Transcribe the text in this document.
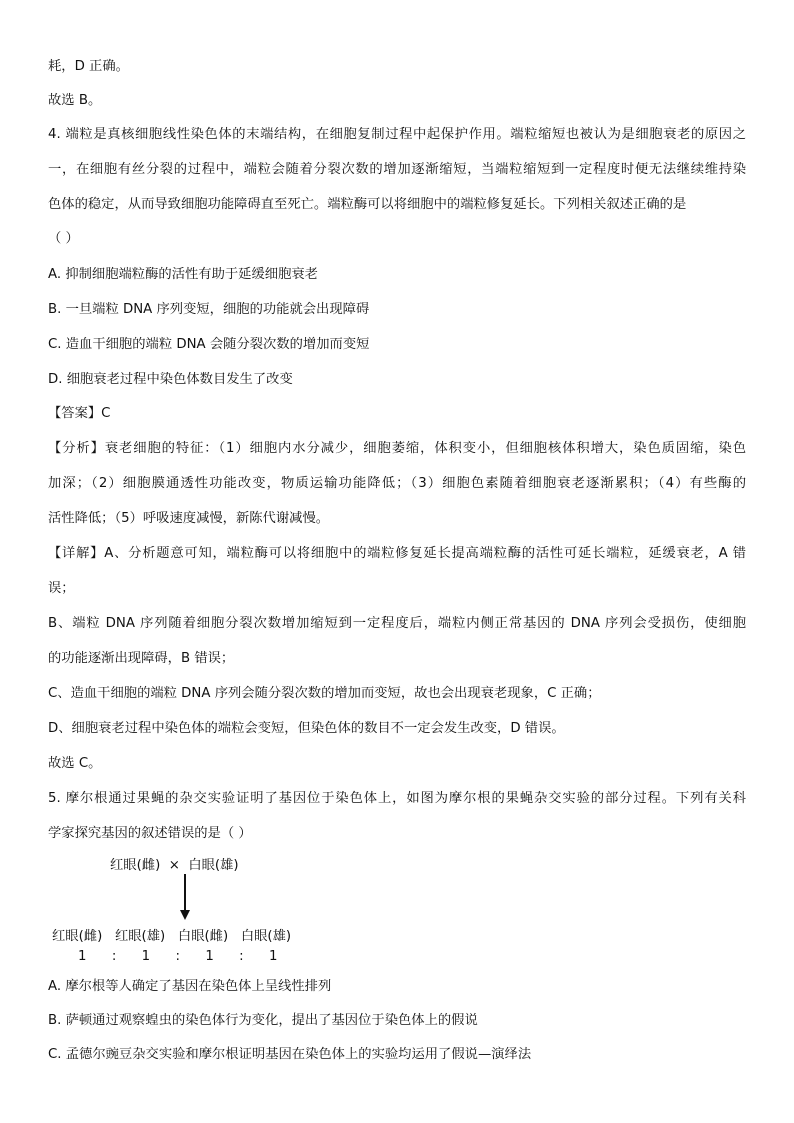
耗，D 正确。
故选 B。
4. 端粒是真核细胞线性染色体的末端结构，在细胞复制过程中起保护作用。端粒缩短也被认为是细胞衰老的原因之
一，在细胞有丝分裂的过程中，端粒会随着分裂次数的增加逐渐缩短，当端粒缩短到一定程度时便无法继续维持染
色体的稳定，从而导致细胞功能障碍直至死亡。端粒酶可以将细胞中的端粒修复延长。下列相关叙述正确的是
（ ）
A. 抑制细胞端粒酶的活性有助于延缓细胞衰老
B. 一旦端粒 DNA 序列变短，细胞的功能就会出现障碍
C. 造血干细胞的端粒 DNA 会随分裂次数的增加而变短
D. 细胞衰老过程中染色体数目发生了改变
【答案】C
【分析】衰老细胞的特征：（1）细胞内水分减少，细胞萎缩，体积变小，但细胞核体积增大，染色质固缩，染色
加深；（2）细胞膜通透性功能改变，物质运输功能降低；（3）细胞色素随着细胞衰老逐渐累积；（4）有些酶的
活性降低；（5）呼吸速度减慢，新陈代谢减慢。
【详解】A、分析题意可知，端粒酶可以将细胞中的端粒修复延长提高端粒酶的活性可延长端粒，延缓衰老，A 错
误；
B、端粒 DNA 序列随着细胞分裂次数增加缩短到一定程度后，端粒内侧正常基因的 DNA 序列会受损伤，使细胞
的功能逐渐出现障碍，B 错误；
C、造血干细胞的端粒 DNA 序列会随分裂次数的增加而变短，故也会出现衰老现象，C 正确；
D、细胞衰老过程中染色体的端粒会变短，但染色体的数目不一定会发生改变，D 错误。
故选 C。
5. 摩尔根通过果蝇的杂交实验证明了基因位于染色体上，如图为摩尔根的果蝇杂交实验的部分过程。下列有关科
学家探究基因的叙述错误的是（ ）
红眼(雌)  ×  白眼(雄)
红眼(雌)   红眼(雄)   白眼(雌)   白眼(雄)
1      :      1      :      1      :      1
A. 摩尔根等人确定了基因在染色体上呈线性排列
B. 萨顿通过观察蝗虫的染色体行为变化，提出了基因位于染色体上的假说
C. 孟德尔豌豆杂交实验和摩尔根证明基因在染色体上的实验均运用了假说—演绎法
